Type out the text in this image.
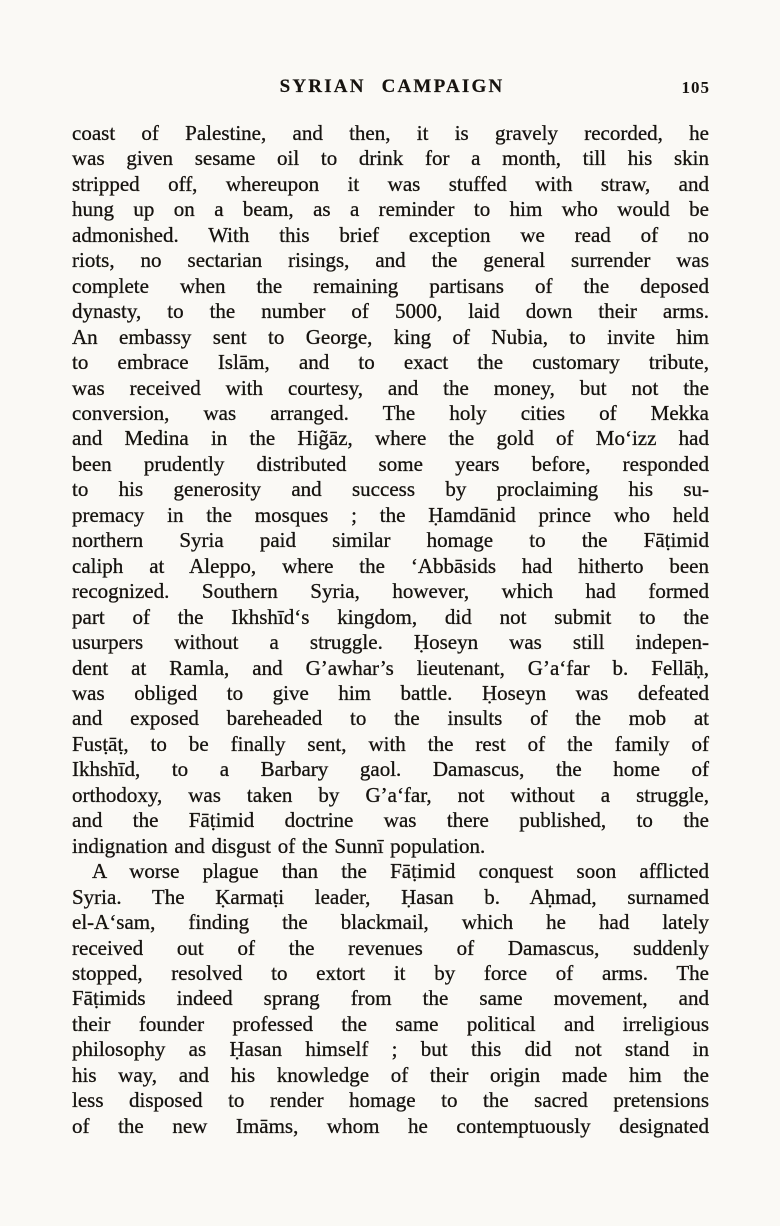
SYRIAN CAMPAIGN	105
coast of Palestine, and then, it is gravely recorded, he
was given sesame oil to drink for a month, till his skin
stripped off, whereupon it was stuffed with straw, and
hung up on a beam, as a reminder to him who would be
admonished. With this brief exception we read of no
riots, no sectarian risings, and the general surrender was
complete when the remaining partisans of the deposed
dynasty, to the number of 5000, laid down their arms.
An embassy sent to George, king of Nubia, to invite him
to embrace Islām, and to exact the customary tribute,
was received with courtesy, and the money, but not the
conversion, was arranged. The holy cities of Mekka
and Medina in the Hig̃āz, where the gold of Mo‘izz had
been prudently distributed some years before, responded
to his generosity and success by proclaiming his su-
premacy in the mosques ; the Ḥamdānid prince who held
northern Syria paid similar homage to the Fāṭimid
caliph at Aleppo, where the ‘Abbāsids had hitherto been
recognized. Southern Syria, however, which had formed
part of the Ikhshīd‘s kingdom, did not submit to the
usurpers without a struggle. Ḥoseyn was still indepen-
dent at Ramla, and G’awhar’s lieutenant, G’a‘far b. Fellāḥ,
was obliged to give him battle. Ḥoseyn was defeated
and exposed bareheaded to the insults of the mob at
Fusṭāṭ, to be finally sent, with the rest of the family of
Ikhshīd, to a Barbary gaol. Damascus, the home of
orthodoxy, was taken by G’a‘far, not without a struggle,
and the Fāṭimid doctrine was there published, to the
indignation and disgust of the Sunnī population.
A worse plague than the Fāṭimid conquest soon afflicted
Syria. The Ḳarmaṭi leader, Ḥasan b. Aḥmad, surnamed
el-A‘sam, finding the blackmail, which he had lately
received out of the revenues of Damascus, suddenly
stopped, resolved to extort it by force of arms. The
Fāṭimids indeed sprang from the same movement, and
their founder professed the same political and irreligious
philosophy as Ḥasan himself ; but this did not stand in
his way, and his knowledge of their origin made him the
less disposed to render homage to the sacred pretensions
of the new Imāms, whom he contemptuously designated
